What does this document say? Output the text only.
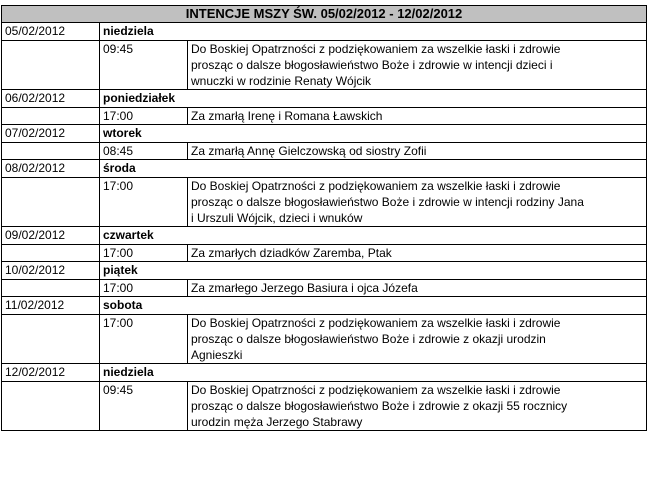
INTENCJE MSZY ŚW. 05/02/2012 - 12/02/2012		
05/02/2012	niedziela	
	09:45	Do Boskiej Opatrzności z podziękowaniem za wszelkie łaski i zdrowie
prosząc o dalsze błogosławieństwo Boże i zdrowie w intencji dzieci i
wnuczki w rodzinie Renaty Wójcik

06/02/2012	poniedziałek	
	17:00	Za zmarłą Irenę i Romana Ławskich

07/02/2012	wtorek	
	08:45	Za zmarłą Annę Gielczowską od siostry Zofii

08/02/2012	środa	
	17:00	Do Boskiej Opatrzności z podziękowaniem za wszelkie łaski i zdrowie
prosząc o dalsze błogosławieństwo Boże i zdrowie w intencji rodziny Jana
i Urszuli Wójcik, dzieci i wnuków

09/02/2012	czwartek	
	17:00	Za zmarłych dziadków Zaremba, Ptak

10/02/2012	piątek	
	17:00	Za zmarłego Jerzego Basiura i ojca Józefa

11/02/2012	sobota	
	17:00	Do Boskiej Opatrzności z podziękowaniem za wszelkie łaski i zdrowie
prosząc o dalsze błogosławieństwo Boże i zdrowie z okazji urodzin
Agnieszki

12/02/2012	niedziela	
	09:45	Do Boskiej Opatrzności z podziękowaniem za wszelkie łaski i zdrowie
prosząc o dalsze błogosławieństwo Boże i zdrowie z okazji 55 rocznicy
urodzin męża Jerzego Stabrawy
